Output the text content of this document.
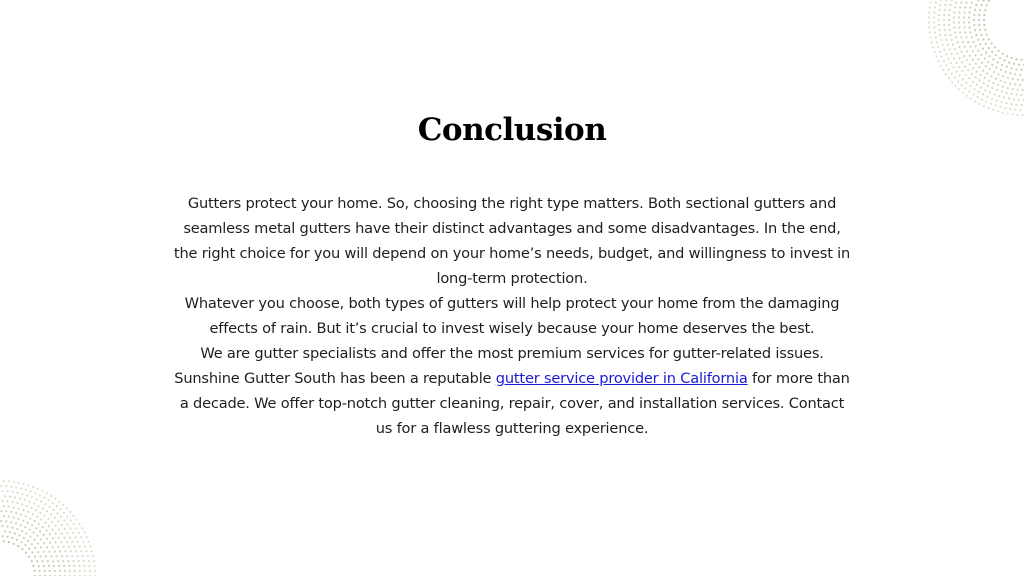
Conclusion

Gutters protect your home. So, choosing the right type matters. Both sectional gutters and seamless metal gutters have their distinct advantages and some disadvantages. In the end, the right choice for you will depend on your home’s needs, budget, and willingness to invest in long-term protection.

Whatever you choose, both types of gutters will help protect your home from the damaging effects of rain. But it’s crucial to invest wisely because your home deserves the best.

We are gutter specialists and offer the most premium services for gutter-related issues. Sunshine Gutter South has been a reputable gutter service provider in California for more than a decade. We offer top-notch gutter cleaning, repair, cover, and installation services. Contact us for a flawless guttering experience.
